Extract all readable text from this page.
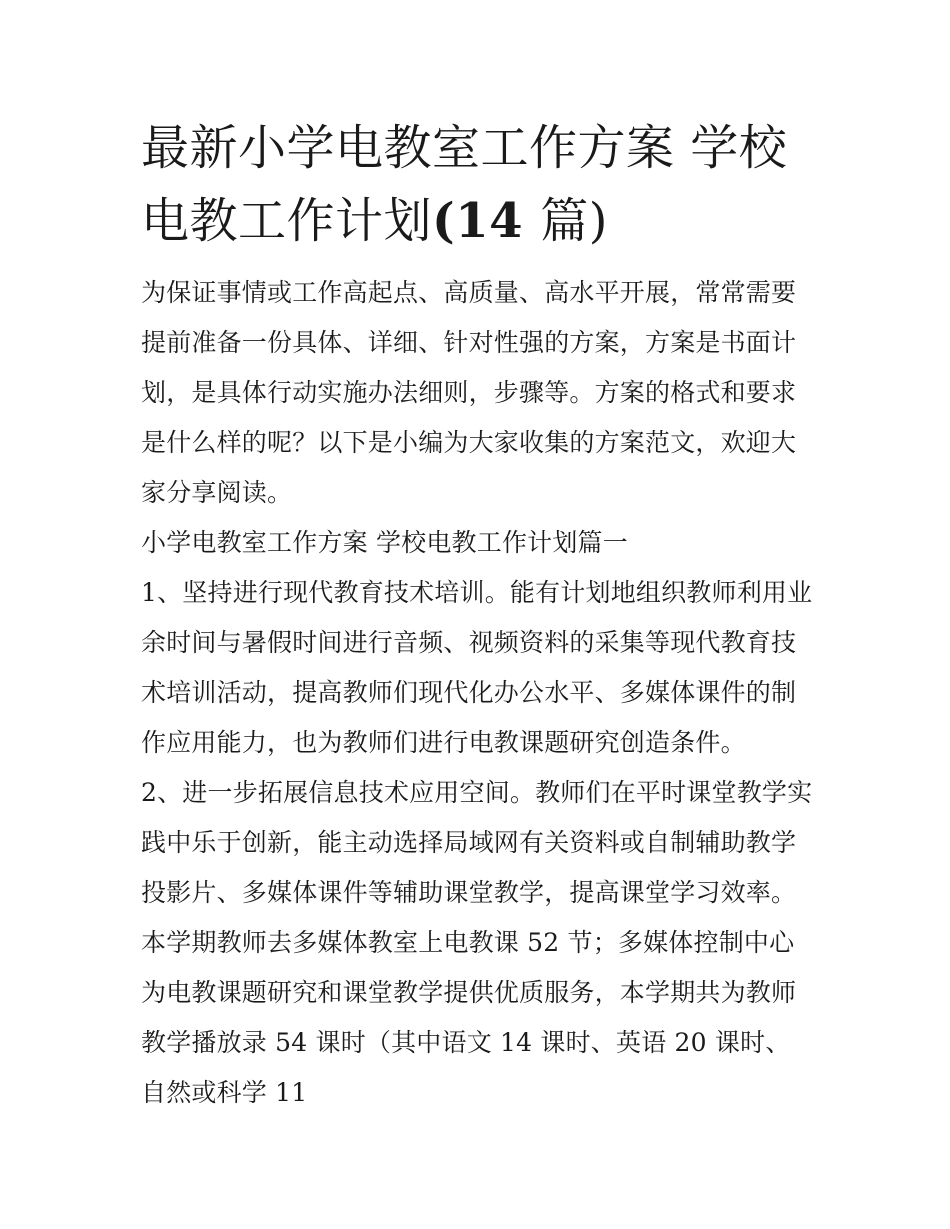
最新小学电教室工作方案 学校电教工作计划(14 篇)

为保证事情或工作高起点、高质量、高水平开展，常常需要提前准备一份具体、详细、针对性强的方案，方案是书面计划，是具体行动实施办法细则，步骤等。方案的格式和要求是什么样的呢？以下是小编为大家收集的方案范文，欢迎大家分享阅读。

小学电教室工作方案 学校电教工作计划篇一

1、坚持进行现代教育技术培训。能有计划地组织教师利用业余时间与暑假时间进行音频、视频资料的采集等现代教育技术培训活动，提高教师们现代化办公水平、多媒体课件的制作应用能力，也为教师们进行电教课题研究创造条件。

2、进一步拓展信息技术应用空间。教师们在平时课堂教学实践中乐于创新，能主动选择局域网有关资料或自制辅助教学投影片、多媒体课件等辅助课堂教学，提高课堂学习效率。本学期教师去多媒体教室上电教课 52 节；多媒体控制中心为电教课题研究和课堂教学提供优质服务，本学期共为教师教学播放录 54 课时（其中语文 14 课时、英语 20 课时、自然或科学 11
